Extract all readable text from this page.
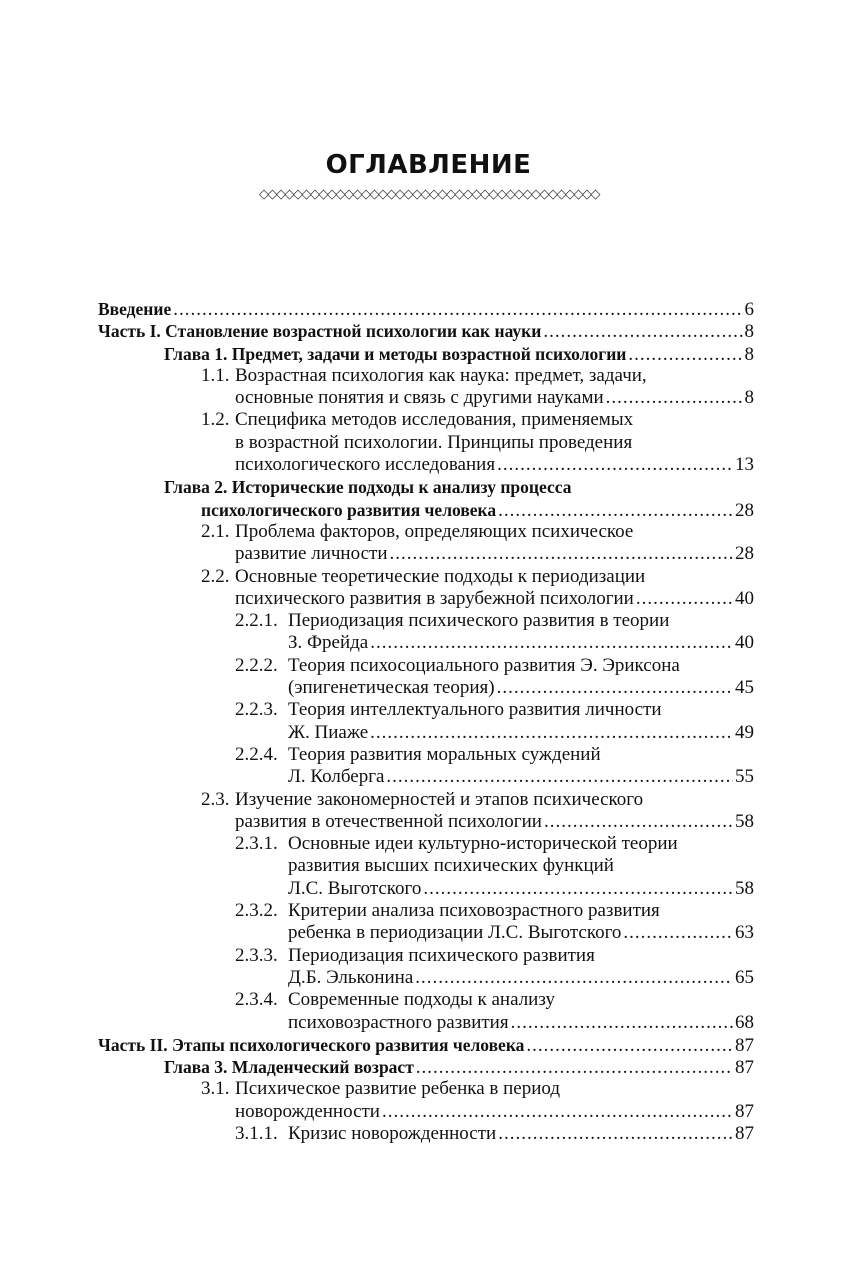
ОГЛАВЛЕНИЕ
◇◇◇◇◇◇◇◇◇◇◇◇◇◇◇◇◇◇◇◇◇◇◇◇◇◇◇◇◇◇◇◇◇◇◇◇◇◇◇◇
Введение .....	6
Часть I. Становление возрастной психологии как науки .....	8
Глава 1. Предмет, задачи и методы возрастной психологии .....	8
1.1. Возрастная психология как наука: предмет, задачи,
основные понятия и связь с другими науками .....	8
1.2. Специфика методов исследования, применяемых
в возрастной психологии. Принципы проведения
психологического исследования .....	13
Глава 2. Исторические подходы к анализу процесса
психологического развития человека .....	28
2.1. Проблема факторов, определяющих психическое
развитие личности .....	28
2.2. Основные теоретические подходы к периодизации
психического развития в зарубежной психологии .....	40
2.2.1. Периодизация психического развития в теории
З. Фрейда .....	40
2.2.2. Теория психосоциального развития Э. Эриксона
(эпигенетическая теория) .....	45
2.2.3. Теория интеллектуального развития личности
Ж. Пиаже .....	49
2.2.4. Теория развития моральных суждений
Л. Колберга .....	55
2.3. Изучение закономерностей и этапов психического
развития в отечественной психологии .....	58
2.3.1. Основные идеи культурно-исторической теории
развития высших психических функций
Л.С. Выготского .....	58
2.3.2. Критерии анализа психовозрастного развития
ребенка в периодизации Л.С. Выготского .....	63
2.3.3. Периодизация психического развития
Д.Б. Эльконина .....	65
2.3.4. Современные подходы к анализу
психовозрастного развития .....	68
Часть II. Этапы психологического развития человека .....	87
Глава 3. Младенческий возраст .....	87
3.1. Психическое развитие ребенка в период
новорожденности .....	87
3.1.1. Кризис новорожденности .....	87
